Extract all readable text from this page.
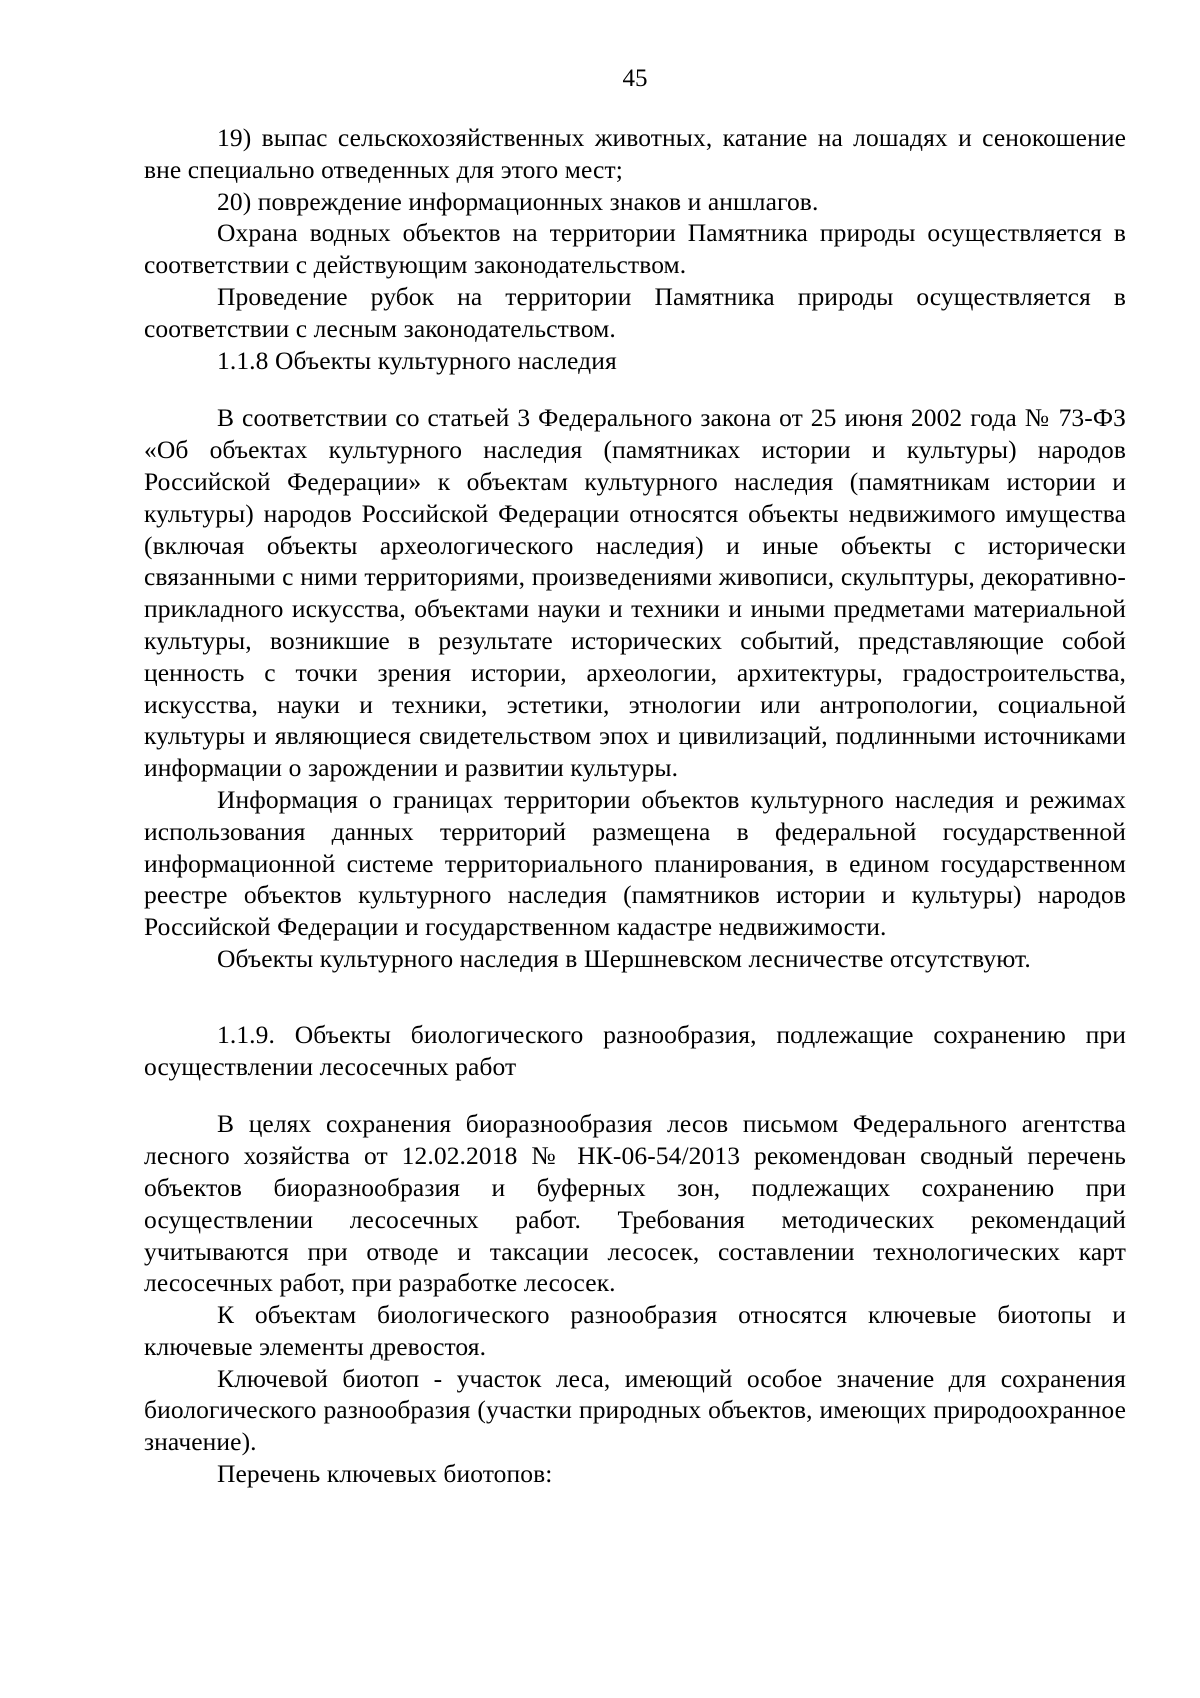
45

19) выпас сельскохозяйственных животных, катание на лошадях и сенокошение вне специально отведенных для этого мест;

20) повреждение информационных знаков и аншлагов.

Охрана водных объектов на территории Памятника природы осуществляется в соответствии с действующим законодательством.

Проведение рубок на территории Памятника природы осуществляется в соответствии с лесным законодательством.

1.1.8 Объекты культурного наследия

В соответствии со статьей 3 Федерального закона от 25 июня 2002 года № 73-ФЗ «Об объектах культурного наследия (памятниках истории и культуры) народов Российской Федерации» к объектам культурного наследия (памятникам истории и культуры) народов Российской Федерации относятся объекты недвижимого имущества (включая объекты археологического наследия) и иные объекты с исторически связанными с ними территориями, произведениями живописи, скульптуры, декоративно-прикладного искусства, объектами науки и техники и иными предметами материальной культуры, возникшие в результате исторических событий, представляющие собой ценность с точки зрения истории, археологии, архитектуры, градостроительства, искусства, науки и техники, эстетики, этнологии или антропологии, социальной культуры и являющиеся свидетельством эпох и цивилизаций, подлинными источниками информации о зарождении и развитии культуры.

Информация о границах территории объектов культурного наследия и режимах использования данных территорий размещена в федеральной государственной информационной системе территориального планирования, в едином государственном реестре объектов культурного наследия (памятников истории и культуры) народов Российской Федерации и государственном кадастре недвижимости.

Объекты культурного наследия в Шершневском лесничестве отсутствуют.

1.1.9. Объекты биологического разнообразия, подлежащие сохранению при осуществлении лесосечных работ

В целях сохранения биоразнообразия лесов письмом Федерального агентства лесного хозяйства от 12.02.2018 № НК-06-54/2013 рекомендован сводный перечень объектов биоразнообразия и буферных зон, подлежащих сохранению при осуществлении лесосечных работ. Требования методических рекомендаций учитываются при отводе и таксации лесосек, составлении технологических карт лесосечных работ, при разработке лесосек.

К объектам биологического разнообразия относятся ключевые биотопы и ключевые элементы древостоя.

Ключевой биотоп - участок леса, имеющий особое значение для сохранения биологического разнообразия (участки природных объектов, имеющих природоохранное значение).

Перечень ключевых биотопов:
